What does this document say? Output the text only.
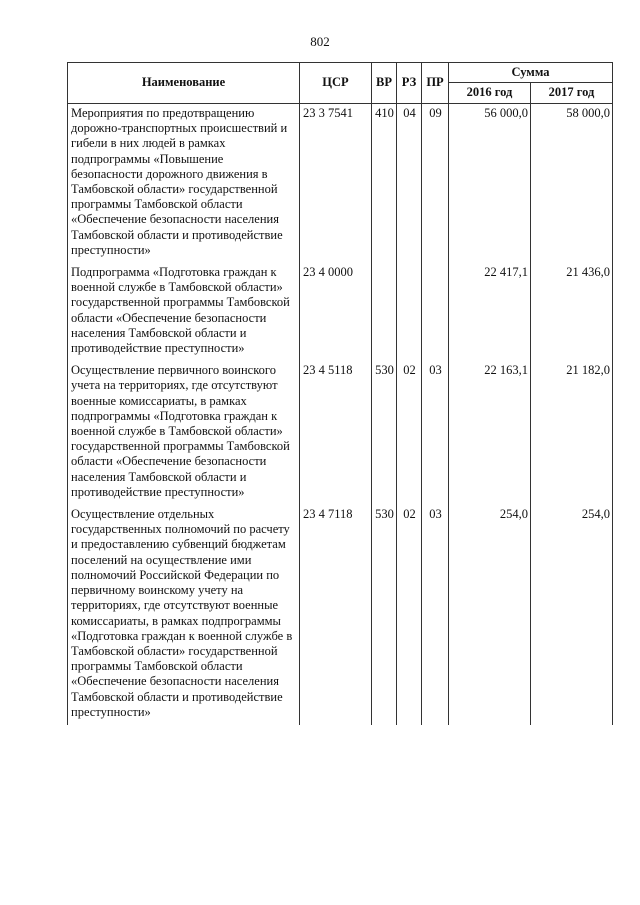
802
Наименование	ЦСР	ВР	РЗ	ПР	Сумма	
					2016 год	2017 год
Мероприятия по предотвращению дорожно-транспортных происшествий и гибели в них людей в рамках подпрограммы «Повышение безопасности дорожного движения в Тамбовской области» государственной программы Тамбовской области «Обеспечение безопасности населения Тамбовской области и противодействие преступности»	23 3 7541	410	04	09	56 000,0	58 000,0
Подпрограмма «Подготовка граждан к военной службе в Тамбовской области» государственной программы Тамбовской области «Обеспечение безопасности населения Тамбовской области и противодействие преступности»	23 4 0000				22 417,1	21 436,0
Осуществление первичного воинского учета на территориях, где отсутствуют военные комиссариаты, в рамках подпрограммы «Подготовка граждан к военной службе в Тамбовской области» государственной программы Тамбовской области «Обеспечение безопасности населения Тамбовской области и противодействие преступности»	23 4 5118	530	02	03	22 163,1	21 182,0
Осуществление отдельных государственных полномочий по расчету и предоставлению субвенций бюджетам поселений на осуществление ими полномочий Российской Федерации по первичному воинскому учету на территориях, где отсутствуют военные комиссариаты, в рамках подпрограммы «Подготовка граждан к военной службе в Тамбовской области» государственной программы Тамбовской области «Обеспечение безопасности населения Тамбовской области и противодействие преступности»	23 4 7118	530	02	03	254,0	254,0
